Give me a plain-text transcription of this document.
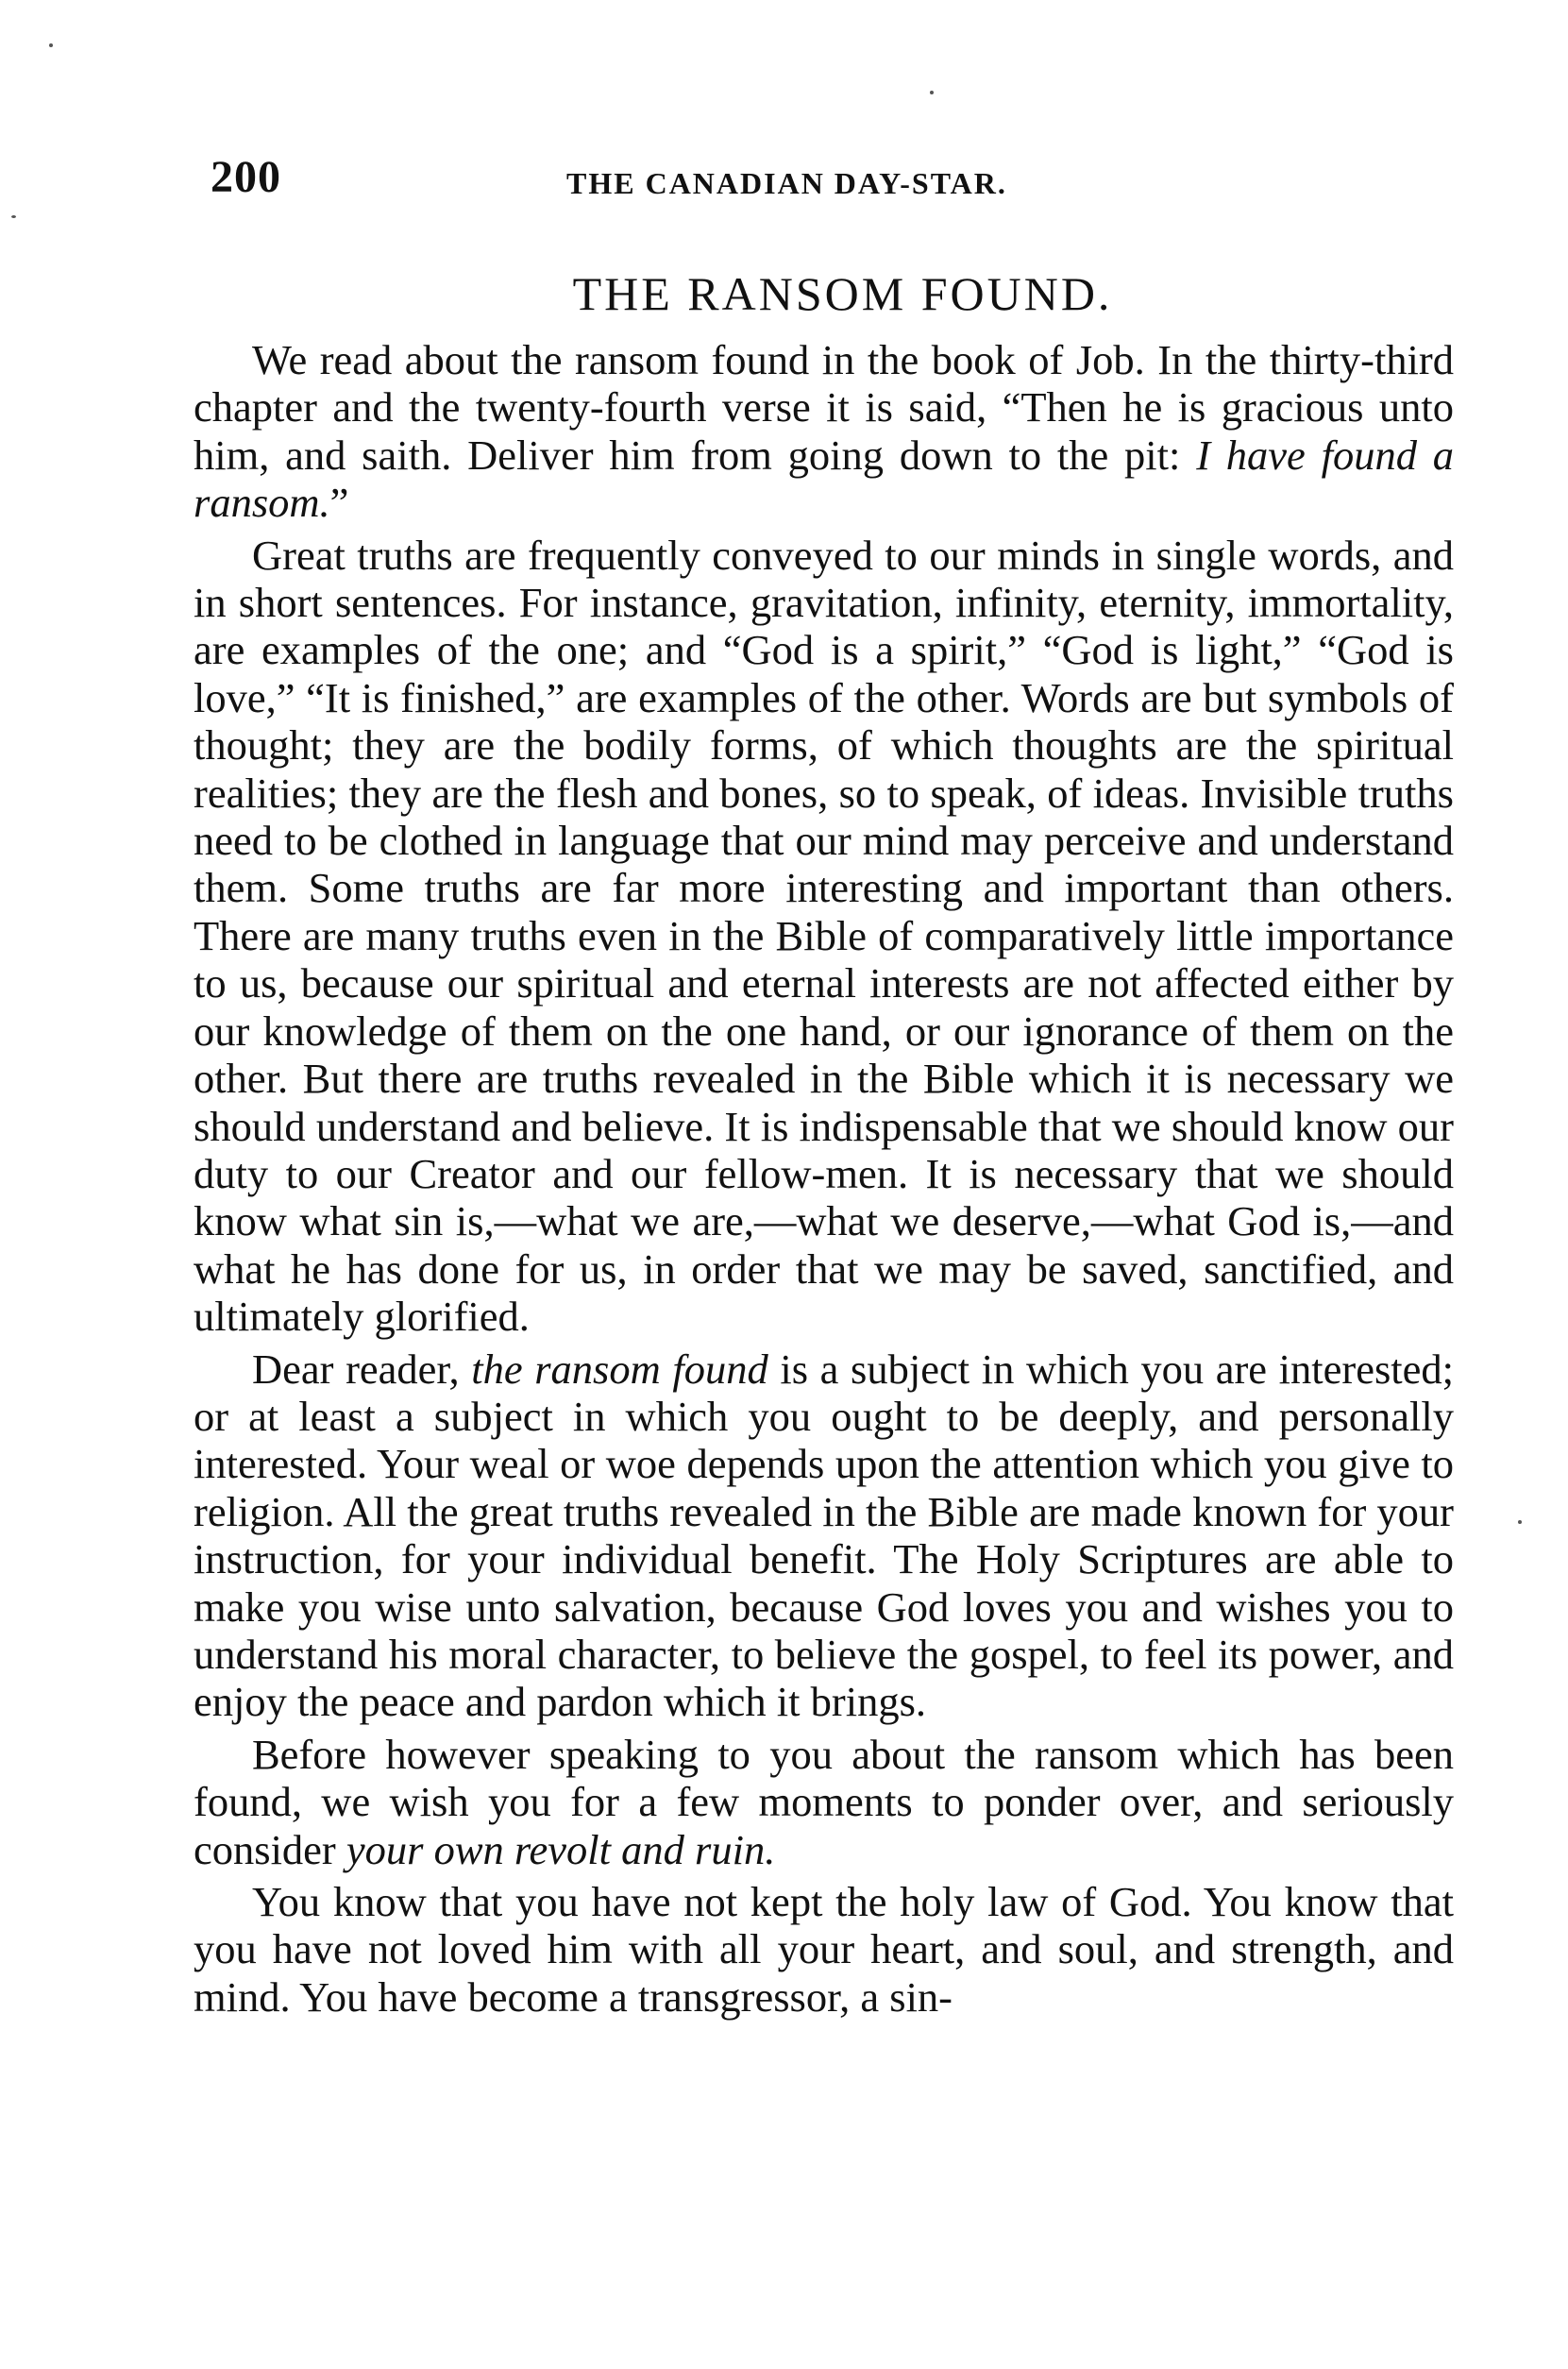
200	THE CANADIAN DAY-STAR.
THE RANSOM FOUND.

We read about the ransom found in the book of Job. In the thirty-third chapter and the twenty-fourth verse it is said, “Then he is gracious unto him, and saith. Deliver him from going down to the pit: I have found a ransom.”

Great truths are frequently conveyed to our minds in single words, and in short sentences. For instance, gravitation, infinity, eternity, immortality, are examples of the one; and “God is a spirit,” “God is light,” “God is love,” “It is finished,” are examples of the other. Words are but symbols of thought; they are the bodily forms, of which thoughts are the spiritual realities; they are the flesh and bones, so to speak, of ideas. Invisible truths need to be clothed in language that our mind may perceive and understand them. Some truths are far more interesting and important than others. There are many truths even in the Bible of comparatively little importance to us, because our spiritual and eternal interests are not affected either by our knowledge of them on the one hand, or our ignorance of them on the other. But there are truths revealed in the Bible which it is necessary we should understand and believe. It is indispensable that we should know our duty to our Creator and our fellow-men. It is necessary that we should know what sin is,—what we are,—what we deserve,—what God is,—and what he has done for us, in order that we may be saved, sanctified, and ultimately glorified.

Dear reader, the ransom found is a subject in which you are interested; or at least a subject in which you ought to be deeply, and personally interested. Your weal or woe depends upon the attention which you give to religion. All the great truths revealed in the Bible are made known for your instruction, for your individual benefit. The Holy Scriptures are able to make you wise unto salvation, because God loves you and wishes you to understand his moral character, to believe the gospel, to feel its power, and enjoy the peace and pardon which it brings.

Before however speaking to you about the ransom which has been found, we wish you for a few moments to ponder over, and seriously consider your own revolt and ruin.

You know that you have not kept the holy law of God. You know that you have not loved him with all your heart, and soul, and strength, and mind. You have become a transgressor, a sin-
